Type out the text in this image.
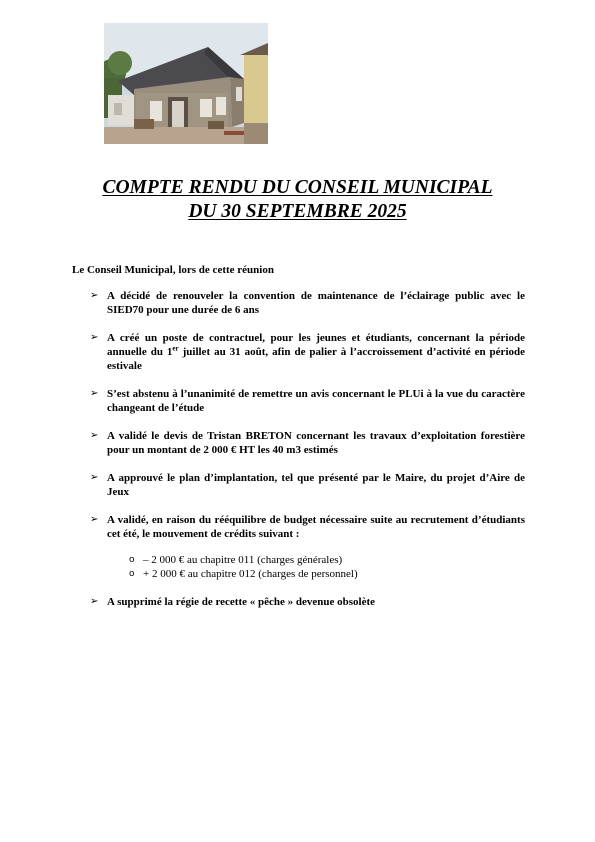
COMPTE RENDU DU CONSEIL MUNICIPAL
DU 30 SEPTEMBRE 2025
Le Conseil Municipal, lors de cette réunion
➢ A décidé de renouveler la convention de maintenance de l’éclairage public avec le SIED70 pour une durée de 6 ans
➢ A créé un poste de contractuel, pour les jeunes et étudiants, concernant la période annuelle du 1er juillet au 31 août, afin de palier à l’accroissement d’activité en période estivale
➢ S’est abstenu à l’unanimité de remettre un avis concernant le PLUi à la vue du caractère changeant de l’étude
➢ A validé le devis de Tristan BRETON concernant les travaux d’exploitation forestière pour un montant de 2 000 € HT les 40 m3 estimés
➢ A approuvé le plan d’implantation, tel que présenté par le Maire, du projet d’Aire de Jeux
➢ A validé, en raison du rééquilibre de budget nécessaire suite au recrutement d’étudiants cet été, le mouvement de crédits suivant :
o – 2 000 € au chapitre 011 (charges générales)
o + 2 000 € au chapitre 012 (charges de personnel)
➢ A supprimé la régie de recette « pêche » devenue obsolète
